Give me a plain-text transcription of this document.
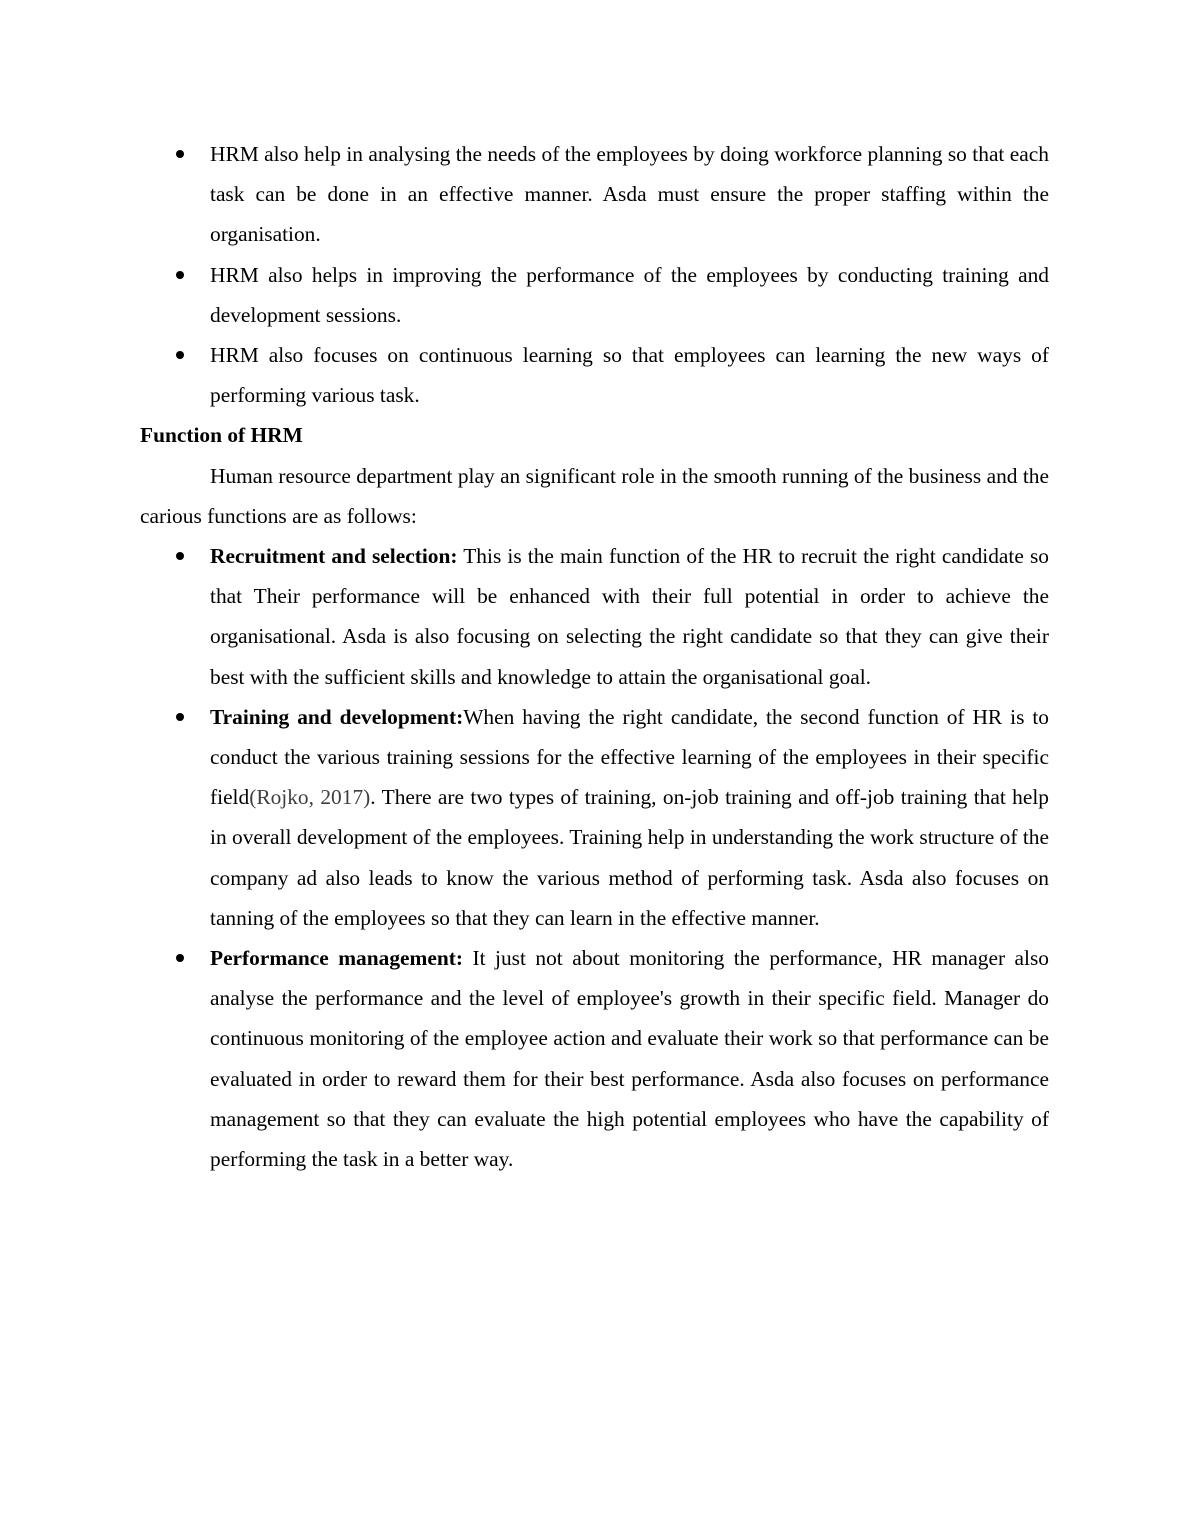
HRM also help in analysing the needs of the employees by doing workforce planning so that each task can be done in an effective manner. Asda must ensure the proper staffing within the organisation.
HRM also helps in improving the performance of the employees by conducting training and development sessions.
HRM also focuses on continuous learning so that employees can learning the new ways of performing various task.

Function of HRM

Human resource department play an significant role in the smooth running of the business and the carious functions are as follows:

Recruitment and selection: This is the main function of the HR to recruit the right candidate so that Their performance will be enhanced with their full potential in order to achieve the organisational. Asda is also focusing on selecting the right candidate so that they can give their best with the sufficient skills and knowledge to attain the organisational goal.
Training and development:When having the right candidate, the second function of HR is to conduct the various training sessions for the effective learning of the employees in their specific field(Rojko, 2017). There are two types of training, on-job training and off-job training that help in overall development of the employees. Training help in understanding the work structure of the company ad also leads to know the various method of performing task. Asda also focuses on tanning of the employees so that they can learn in the effective manner.
Performance management: It just not about monitoring the performance, HR manager also analyse the performance and the level of employee's growth in their specific field. Manager do continuous monitoring of the employee action and evaluate their work so that performance can be evaluated in order to reward them for their best performance. Asda also focuses on performance management so that they can evaluate the high potential employees who have the capability of performing the task in a better way.
